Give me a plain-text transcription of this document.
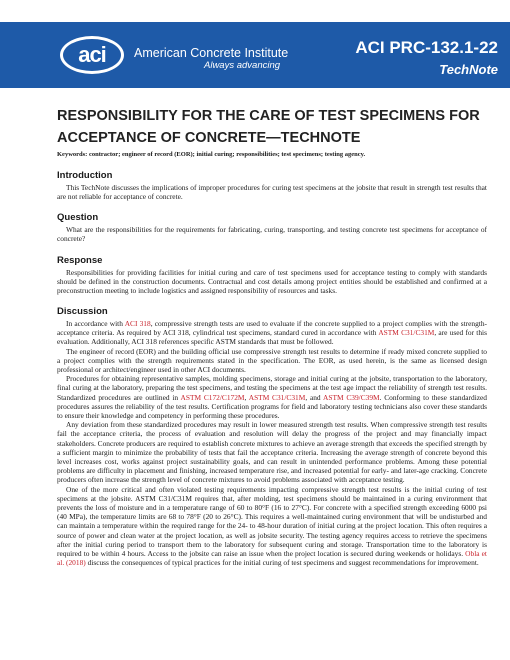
aci	American Concrete Institute
Always advancing
ACI PRC-132.1-22
TechNote
RESPONSIBILITY FOR THE CARE OF TEST SPECIMENS FOR ACCEPTANCE OF CONCRETE—TECHNOTE

Keywords: contractor; engineer of record (EOR); initial curing; responsibilities; test specimens; testing agency.

Introduction

This TechNote discusses the implications of improper procedures for curing test specimens at the jobsite that result in strength test results that are not reliable for acceptance of concrete.

Question

What are the responsibilities for the requirements for fabricating, curing, transporting, and testing concrete test specimens for acceptance of concrete?

Response

Responsibilities for providing facilities for initial curing and care of test specimens used for acceptance testing to comply with standards should be defined in the construction documents. Contractual and cost details among project entities should be established and confirmed at a preconstruction meeting to include logistics and assigned responsibility of resources and tasks.

Discussion

In accordance with ACI 318, compressive strength tests are used to evaluate if the concrete supplied to a project complies with the strength-acceptance criteria. As required by ACI 318, cylindrical test specimens, standard cured in accordance with ASTM C31/C31M, are used for this evaluation. Additionally, ACI 318 references specific ASTM standards that must be followed.

The engineer of record (EOR) and the building official use compressive strength test results to determine if ready mixed concrete supplied to a project complies with the strength requirements stated in the specification. The EOR, as used herein, is the same as licensed design professional or architect/engineer used in other ACI documents.

Procedures for obtaining representative samples, molding specimens, storage and initial curing at the jobsite, transportation to the laboratory, final curing at the laboratory, preparing the test specimens, and testing the specimens at the test age impact the reliability of strength test results. Standardized procedures are outlined in ASTM C172/C172M, ASTM C31/C31M, and ASTM C39/C39M. Conforming to these standardized procedures assures the reliability of the test results. Certification programs for field and laboratory testing technicians also cover these standards to ensure their knowledge and competency in performing these procedures.

Any deviation from these standardized procedures may result in lower measured strength test results. When compressive strength test results fail the acceptance criteria, the process of evaluation and resolution will delay the progress of the project and may financially impact stakeholders. Concrete producers are required to establish concrete mixtures to achieve an average strength that exceeds the specified strength by a sufficient margin to minimize the probability of tests that fail the acceptance criteria. Increasing the average strength of concrete beyond this level increases cost, works against project sustainability goals, and can result in unintended performance problems. Among these potential problems are difficulty in placement and finishing, increased temperature rise, and increased potential for early- and later-age cracking. Concrete producers often increase the strength level of concrete mixtures to avoid problems associated with acceptance testing.

One of the more critical and often violated testing requirements impacting compressive strength test results is the initial curing of test specimens at the jobsite. ASTM C31/C31M requires that, after molding, test specimens should be maintained in a curing environment that prevents the loss of moisture and in a temperature range of 60 to 80°F (16 to 27°C). For concrete with a specified strength exceeding 6000 psi (40 MPa), the temperature limits are 68 to 78°F (20 to 26°C). This requires a well-maintained curing environment that will be undisturbed and can maintain a temperature within the required range for the 24- to 48-hour duration of initial curing at the project location. This often requires a source of power and clean water at the project location, as well as jobsite security. The testing agency requires access to retrieve the specimens after the initial curing period to transport them to the laboratory for subsequent curing and storage. Transportation time to the laboratory is required to be within 4 hours. Access to the jobsite can raise an issue when the project location is secured during weekends or holidays. Obla et al. (2018) discuss the consequences of typical practices for the initial curing of test specimens and suggest recommendations for improvement.
